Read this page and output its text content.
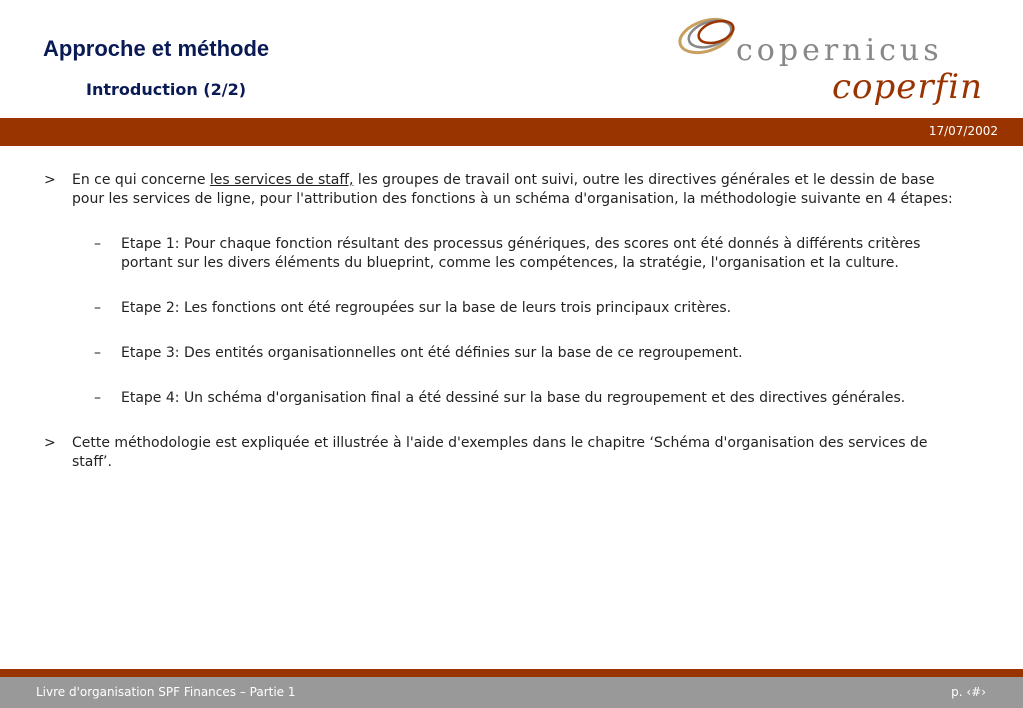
Approche et méthode
Introduction (2/2)
copernicus
coperfin
17/07/2002
> En ce qui concerne les services de staff, les groupes de travail ont suivi, outre les directives générales et le dessin de base pour les services de ligne, pour l'attribution des fonctions à un schéma d'organisation, la méthodologie suivante en 4 étapes:
– Etape 1: Pour chaque fonction résultant des processus génériques, des scores ont été donnés à différents critères portant sur les divers éléments du blueprint, comme les compétences, la stratégie, l'organisation et la culture.
– Etape 2: Les fonctions ont été regroupées sur la base de leurs trois principaux critères.
– Etape 3: Des entités organisationnelles ont été définies sur la base de ce regroupement.
– Etape 4: Un schéma d'organisation final a été dessiné sur la base du regroupement et des directives générales.
> Cette méthodologie est expliquée et illustrée à l'aide d'exemples dans le chapitre ‘Schéma d'organisation des services de staff’.
Livre d'organisation SPF Finances – Partie 1	p. ‹#›
